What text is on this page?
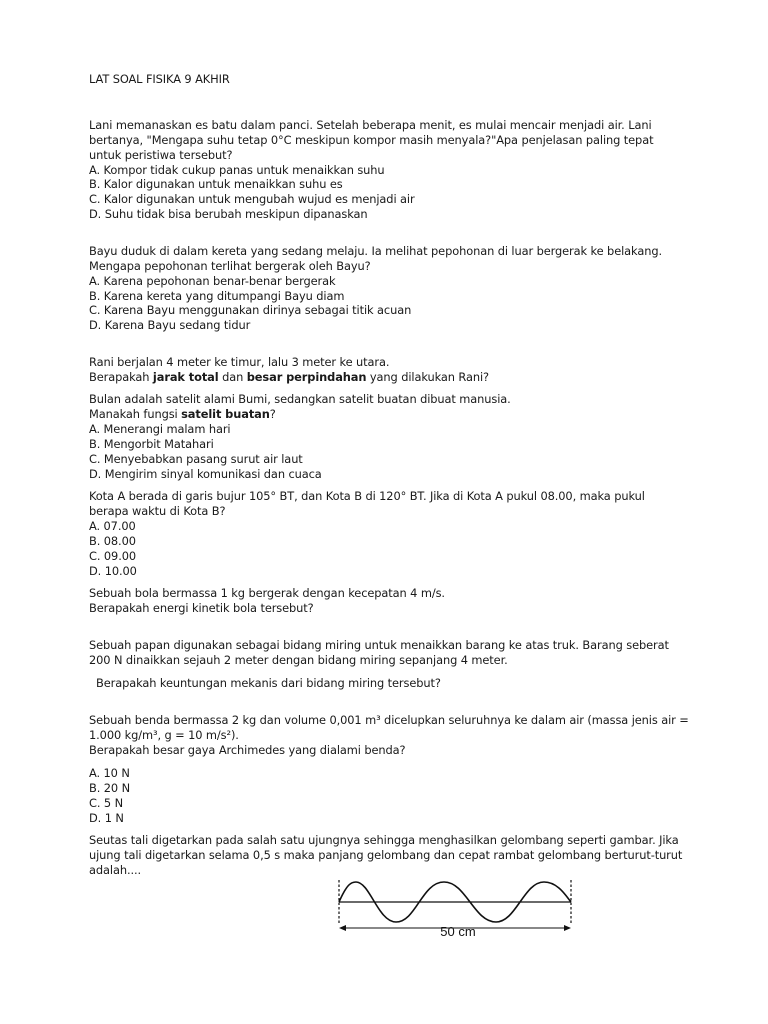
LAT SOAL FISIKA 9 AKHIR
Lani memanaskan es batu dalam panci. Setelah beberapa menit, es mulai mencair menjadi air. Lani
bertanya, "Mengapa suhu tetap 0°C meskipun kompor masih menyala?"Apa penjelasan paling tepat
untuk peristiwa tersebut?
A. Kompor tidak cukup panas untuk menaikkan suhu
B. Kalor digunakan untuk menaikkan suhu es
C. Kalor digunakan untuk mengubah wujud es menjadi air
D. Suhu tidak bisa berubah meskipun dipanaskan
Bayu duduk di dalam kereta yang sedang melaju. Ia melihat pepohonan di luar bergerak ke belakang.
Mengapa pepohonan terlihat bergerak oleh Bayu?
A. Karena pepohonan benar-benar bergerak
B. Karena kereta yang ditumpangi Bayu diam
C. Karena Bayu menggunakan dirinya sebagai titik acuan
D. Karena Bayu sedang tidur
Rani berjalan 4 meter ke timur, lalu 3 meter ke utara.
Berapakah jarak total dan besar perpindahan yang dilakukan Rani?
Bulan adalah satelit alami Bumi, sedangkan satelit buatan dibuat manusia.
Manakah fungsi satelit buatan?
A. Menerangi malam hari
B. Mengorbit Matahari
C. Menyebabkan pasang surut air laut
D. Mengirim sinyal komunikasi dan cuaca
Kota A berada di garis bujur 105° BT, dan Kota B di 120° BT. Jika di Kota A pukul 08.00, maka pukul
berapa waktu di Kota B?
A. 07.00
B. 08.00
C. 09.00
D. 10.00
Sebuah bola bermassa 1 kg bergerak dengan kecepatan 4 m/s.
Berapakah energi kinetik bola tersebut?
Sebuah papan digunakan sebagai bidang miring untuk menaikkan barang ke atas truk. Barang seberat
200 N dinaikkan sejauh 2 meter dengan bidang miring sepanjang 4 meter.
Berapakah keuntungan mekanis dari bidang miring tersebut?
Sebuah benda bermassa 2 kg dan volume 0,001 m³ dicelupkan seluruhnya ke dalam air (massa jenis air =
1.000 kg/m³, g = 10 m/s²).
Berapakah besar gaya Archimedes yang dialami benda?
A. 10 N
B. 20 N
C. 5 N
D. 1 N
Seutas tali digetarkan pada salah satu ujungnya sehingga menghasilkan gelombang seperti gambar. Jika
ujung tali digetarkan selama 0,5 s maka panjang gelombang dan cepat rambat gelombang berturut-turut
adalah....
50 cm
